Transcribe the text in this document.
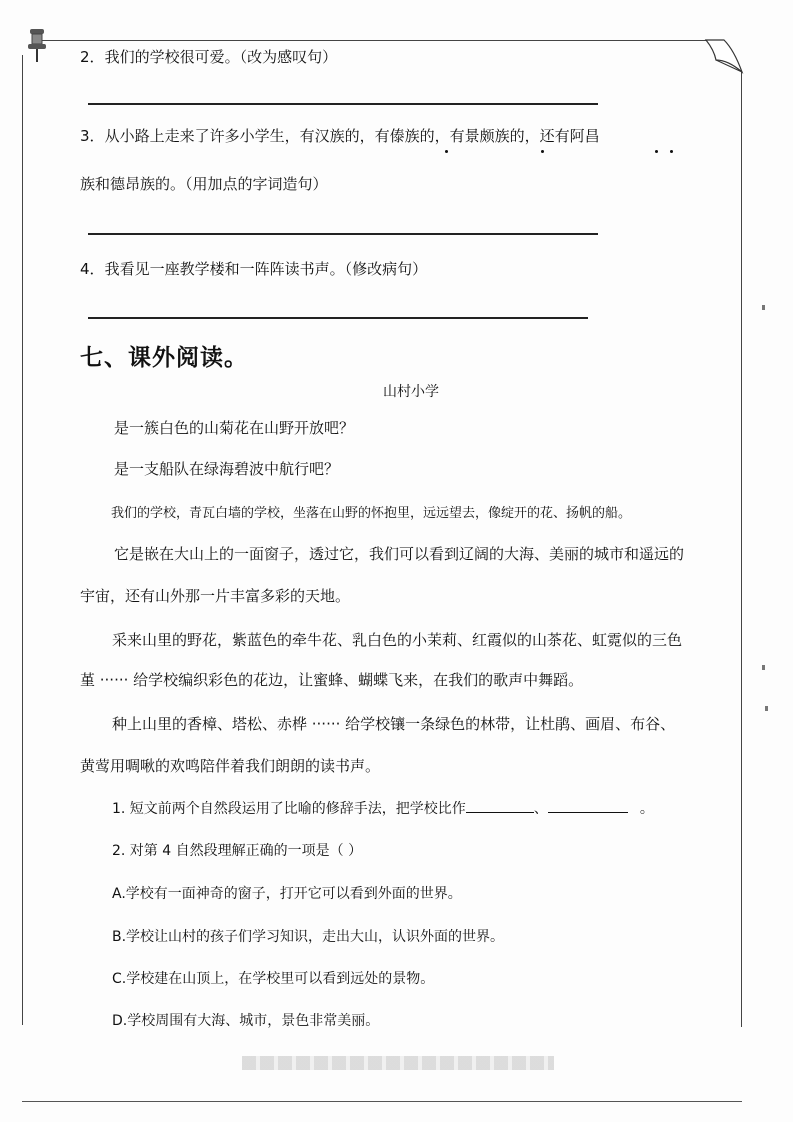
2．我们的学校很可爱。（改为感叹句）
3．从小路上走来了许多小学生，有汉族的，有傣族的，有景颇族的，还有阿昌
族和德昂族的。（用加点的字词造句）
4．我看见一座教学楼和一阵阵读书声。（修改病句）
七、课外阅读。
山村小学
是一簇白色的山菊花在山野开放吧？
是一支船队在绿海碧波中航行吧？
我们的学校，青瓦白墙的学校，坐落在山野的怀抱里，远远望去，像绽开的花、扬帆的船。
它是嵌在大山上的一面窗子，透过它，我们可以看到辽阔的大海、美丽的城市和遥远的
宇宙，还有山外那一片丰富多彩的天地。
采来山里的野花，紫蓝色的牵牛花、乳白色的小茉莉、红霞似的山茶花、虹霓似的三色
堇 ······ 给学校编织彩色的花边，让蜜蜂、蝴蝶飞来，在我们的歌声中舞蹈。
种上山里的香樟、塔松、赤桦 ······ 给学校镶一条绿色的林带，让杜鹃、画眉、布谷、
黄莺用啁啾的欢鸣陪伴着我们朗朗的读书声。
1. 短文前两个自然段运用了比喻的修辞手法，把学校比作	、	。
2. 对第 4 自然段理解正确的一项是（ ）
A.学校有一面神奇的窗子，打开它可以看到外面的世界。
B.学校让山村的孩子们学习知识，走出大山，认识外面的世界。
C.学校建在山顶上，在学校里可以看到远处的景物。
D.学校周围有大海、城市，景色非常美丽。
